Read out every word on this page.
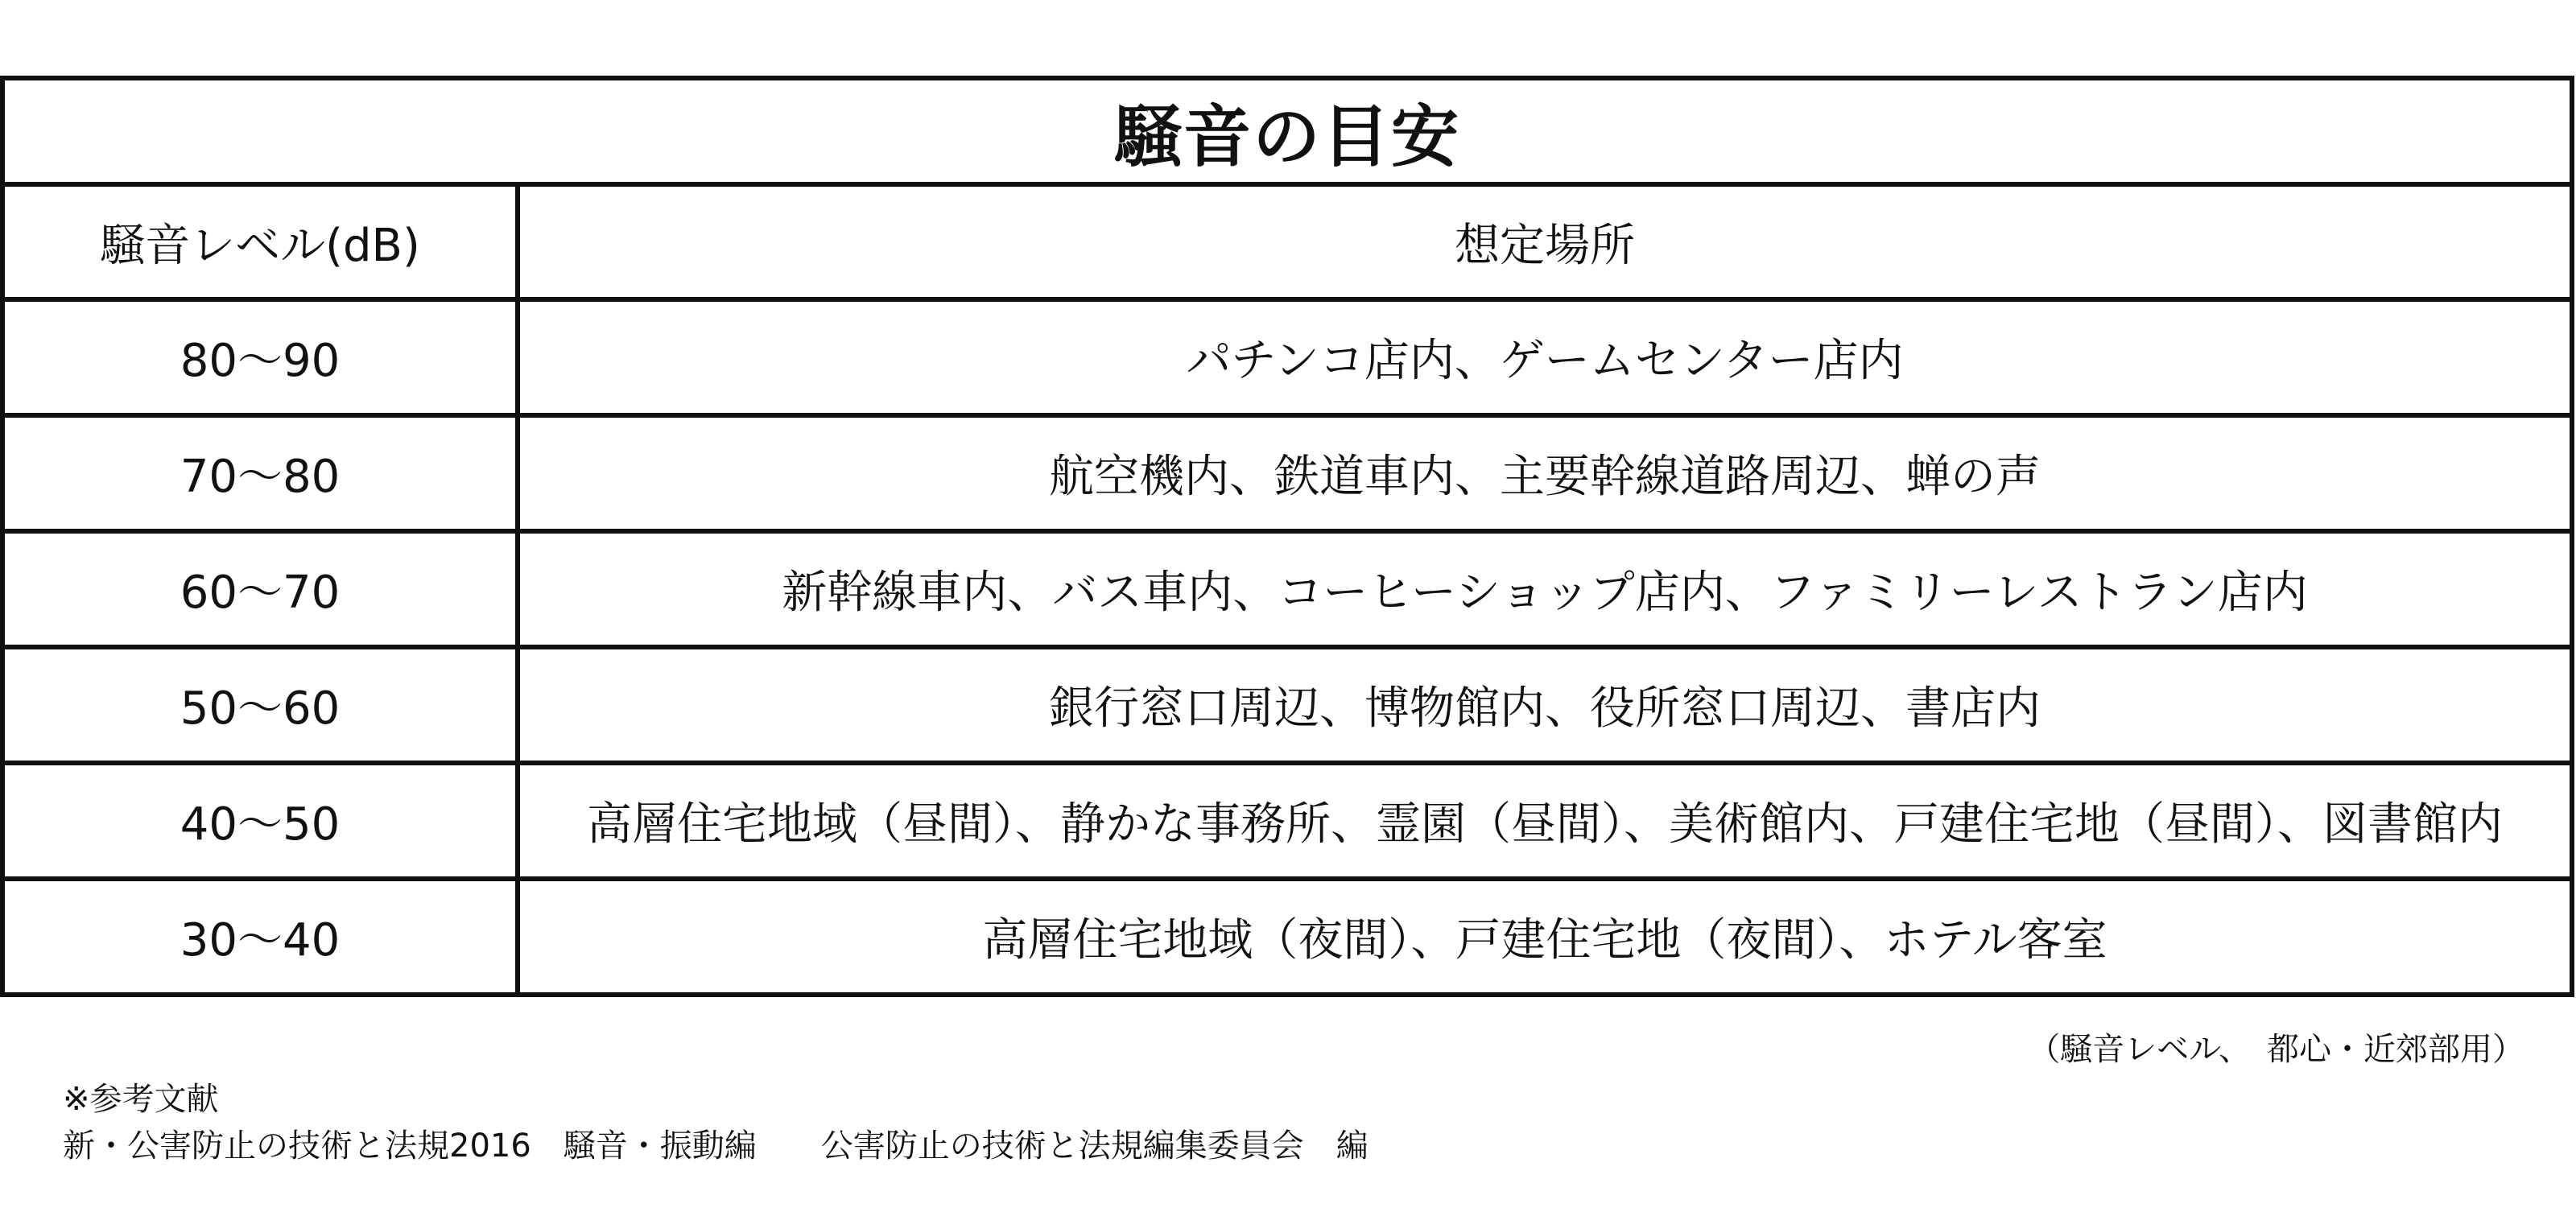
騒音の目安	
騒音レベル(dB)	想定場所
80〜90	パチンコ店内、ゲームセンター店内
70〜80	航空機内、鉄道車内、主要幹線道路周辺、蝉の声
60〜70	新幹線車内、バス車内、コーヒーショップ店内、ファミリーレストラン店内
50〜60	銀行窓口周辺、博物館内、役所窓口周辺、書店内
40〜50	高層住宅地域（昼間）、静かな事務所、霊園（昼間）、美術館内、戸建住宅地（昼間）、図書館内
30〜40	高層住宅地域（夜間）、戸建住宅地（夜間）、ホテル客室
（騒音レベル、　都心・近郊部用）
※参考文献
新・公害防止の技術と法規2016　騒音・振動編　　公害防止の技術と法規編集委員会　編
